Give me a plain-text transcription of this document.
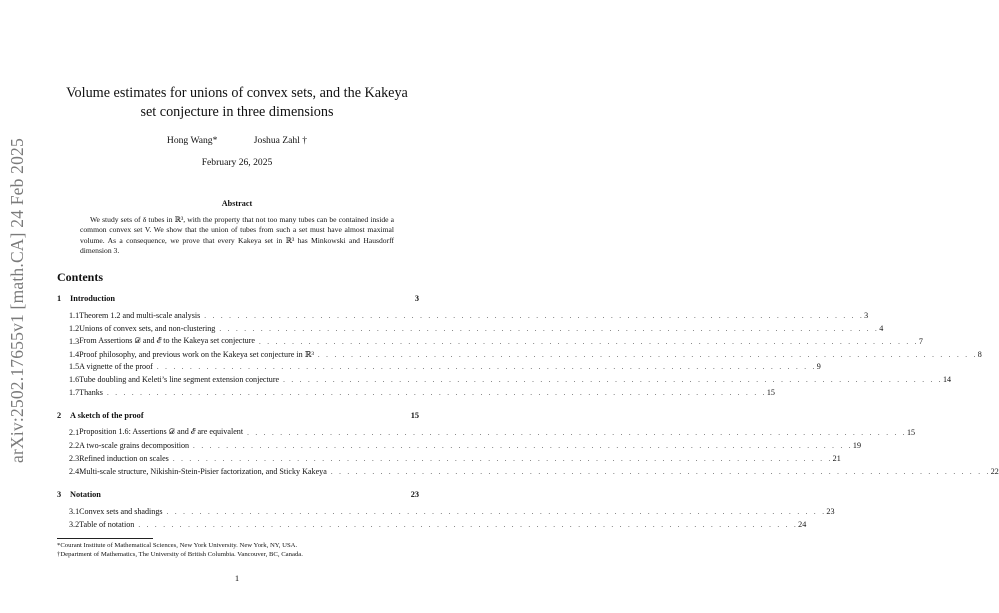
arXiv:2502.17655v1 [math.CA] 24 Feb 2025
Volume estimates for unions of convex sets, and the Kakeya set conjecture in three dimensions
Hong Wang*	Joshua Zahl †
February 26, 2025
Abstract
We study sets of δ tubes in ℝ³, with the property that not too many tubes can be contained inside a common convex set V. We show that the union of tubes from such a set must have almost maximal volume. As a consequence, we prove that every Kakeya set in ℝ³ has Minkowski and Hausdorff dimension 3.
Contents
1	Introduction	3
1.1 Theorem 1.2 and multi-scale analysis . . . . . . . . . . . . . . . . . . . . . . . . . . . . . . . . . . . . . . . . . . . . . . . . . . . . . . . . . . . . . . . . . . . . . . . . . . . . . . . . 3
1.2 Unions of convex sets, and non-clustering . . . . . . . . . . . . . . . . . . . . . . . . . . . . . . . . . . . . . . . . . . . . . . . . . . . . . . . . . . . . . . . . . . . . . . . . . . . . . . . . 4
1.3 From Assertions 𝒟 and ℰ to the Kakeya set conjecture . . . . . . . . . . . . . . . . . . . . . . . . . . . . . . . . . . . . . . . . . . . . . . . . . . . . . . . . . . . . . . . . . . . . . . . . . . . . . . . . 7
1.4 Proof philosophy, and previous work on the Kakeya set conjecture in ℝ³ . . . . . . . . . . . . . . . . . . . . . . . . . . . . . . . . . . . . . . . . . . . . . . . . . . . . . . . . . . . . . . . . . . . . . . . . . . . . . . . . 8
1.5 A vignette of the proof . . . . . . . . . . . . . . . . . . . . . . . . . . . . . . . . . . . . . . . . . . . . . . . . . . . . . . . . . . . . . . . . . . . . . . . . . . . . . . . . 9
1.6 Tube doubling and Keleti’s line segment extension conjecture . . . . . . . . . . . . . . . . . . . . . . . . . . . . . . . . . . . . . . . . . . . . . . . . . . . . . . . . . . . . . . . . . . . . . . . . . . . . . . . . 14
1.7 Thanks . . . . . . . . . . . . . . . . . . . . . . . . . . . . . . . . . . . . . . . . . . . . . . . . . . . . . . . . . . . . . . . . . . . . . . . . . . . . . . . . 15
2	A sketch of the proof	15
2.1 Proposition 1.6: Assertions 𝒟 and ℰ are equivalent . . . . . . . . . . . . . . . . . . . . . . . . . . . . . . . . . . . . . . . . . . . . . . . . . . . . . . . . . . . . . . . . . . . . . . . . . . . . . . . . 15
2.2 A two-scale grains decomposition . . . . . . . . . . . . . . . . . . . . . . . . . . . . . . . . . . . . . . . . . . . . . . . . . . . . . . . . . . . . . . . . . . . . . . . . . . . . . . . . 19
2.3 Refined induction on scales . . . . . . . . . . . . . . . . . . . . . . . . . . . . . . . . . . . . . . . . . . . . . . . . . . . . . . . . . . . . . . . . . . . . . . . . . . . . . . . . 21
2.4 Multi-scale structure, Nikishin-Stein-Pisier factorization, and Sticky Kakeya . . . . . . . . . . . . . . . . . . . . . . . . . . . . . . . . . . . . . . . . . . . . . . . . . . . . . . . . . . . . . . . . . . . . . . . . . . . . . . . . 22
3	Notation	23
3.1 Convex sets and shadings . . . . . . . . . . . . . . . . . . . . . . . . . . . . . . . . . . . . . . . . . . . . . . . . . . . . . . . . . . . . . . . . . . . . . . . . . . . . . . . . 23
3.2 Table of notation . . . . . . . . . . . . . . . . . . . . . . . . . . . . . . . . . . . . . . . . . . . . . . . . . . . . . . . . . . . . . . . . . . . . . . . . . . . . . . . . 24
*Courant Institute of Mathematical Sciences, New York University. New York, NY, USA.
†Department of Mathematics, The University of British Columbia. Vancouver, BC, Canada.
1
